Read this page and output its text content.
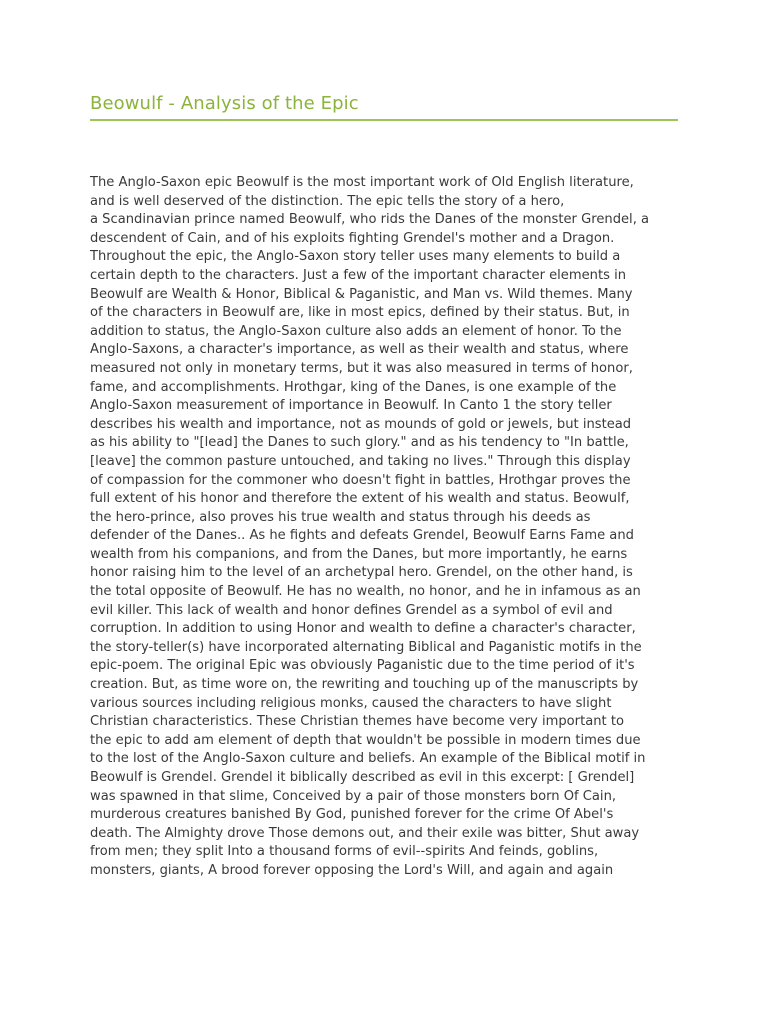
Beowulf - Analysis of the Epic
The Anglo-Saxon epic Beowulf is the most important work of Old English literature,
and is well deserved of the distinction. The epic tells the story of a hero,
a Scandinavian prince named Beowulf, who rids the Danes of the monster Grendel, a
descendent of Cain, and of his exploits fighting Grendel's mother and a Dragon.
Throughout the epic, the Anglo-Saxon story teller uses many elements to build a
certain depth to the characters. Just a few of the important character elements in
Beowulf are Wealth & Honor, Biblical & Paganistic, and Man vs. Wild themes. Many
of the characters in Beowulf are, like in most epics, defined by their status. But, in
addition to status, the Anglo-Saxon culture also adds an element of honor. To the
Anglo-Saxons, a character's importance, as well as their wealth and status, where
measured not only in monetary terms, but it was also measured in terms of honor,
fame, and accomplishments. Hrothgar, king of the Danes, is one example of the
Anglo-Saxon measurement of importance in Beowulf. In Canto 1 the story teller
describes his wealth and importance, not as mounds of gold or jewels, but instead
as his ability to "[lead] the Danes to such glory." and as his tendency to "In battle,
[leave] the common pasture untouched, and taking no lives." Through this display
of compassion for the commoner who doesn't fight in battles, Hrothgar proves the
full extent of his honor and therefore the extent of his wealth and status. Beowulf,
the hero-prince, also proves his true wealth and status through his deeds as
defender of the Danes.. As he fights and defeats Grendel, Beowulf Earns Fame and
wealth from his companions, and from the Danes, but more importantly, he earns
honor raising him to the level of an archetypal hero. Grendel, on the other hand, is
the total opposite of Beowulf. He has no wealth, no honor, and he in infamous as an
evil killer. This lack of wealth and honor defines Grendel as a symbol of evil and
corruption. In addition to using Honor and wealth to define a character's character,
the story-teller(s) have incorporated alternating Biblical and Paganistic motifs in the
epic-poem. The original Epic was obviously Paganistic due to the time period of it's
creation. But, as time wore on, the rewriting and touching up of the manuscripts by
various sources including religious monks, caused the characters to have slight
Christian characteristics. These Christian themes have become very important to
the epic to add am element of depth that wouldn't be possible in modern times due
to the lost of the Anglo-Saxon culture and beliefs. An example of the Biblical motif in
Beowulf is Grendel. Grendel it biblically described as evil in this excerpt: [ Grendel]
was spawned in that slime, Conceived by a pair of those monsters born Of Cain,
murderous creatures banished By God, punished forever for the crime Of Abel's
death. The Almighty drove Those demons out, and their exile was bitter, Shut away
from men; they split Into a thousand forms of evil--spirits And feinds, goblins,
monsters, giants, A brood forever opposing the Lord's Will, and again and again
